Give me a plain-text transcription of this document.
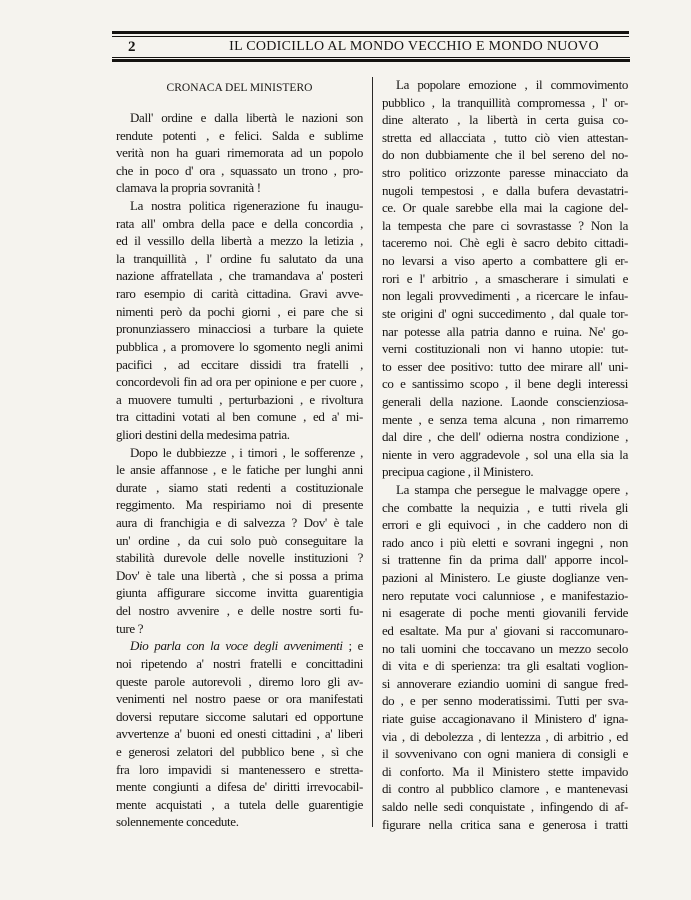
2	IL CODICILLO AL MONDO VECCHIO E MONDO NUOVO
CRONACA DEL MINISTERO
Dall' ordine e dalla libertà le nazioni son
rendute potenti , e felici. Salda e sublime
verità non ha guari rimemorata ad un popolo
che in poco d' ora , squassato un trono , pro-
clamava la propria sovranità !
La nostra politica rigenerazione fu inaugu-
rata all' ombra della pace e della concordia ,
ed il vessillo della libertà a mezzo la letizia ,
la tranquillità , l' ordine fu salutato da una
nazione affratellata , che tramandava a' posteri
raro esempio di carità cittadina. Gravi avve-
nimenti però da pochi giorni , ei pare che si
pronunziassero minacciosi a turbare la quiete
pubblica , a promovere lo sgomento negli animi
pacifici , ad eccitare dissidi tra fratelli ,
concordevoli fin ad ora per opinione e per cuore ,
a muovere tumulti , perturbazioni , e rivoltura
tra cittadini votati al ben comune , ed a' mi-
gliori destini della medesima patria.
Dopo le dubbiezze , i timori , le sofferenze ,
le ansie affannose , e le fatiche per lunghi anni
durate , siamo stati redenti a costituzionale
reggimento. Ma respiriamo noi di presente
aura di franchigia e di salvezza ? Dov' è tale
un' ordine , da cui solo può conseguitare la
stabilità durevole delle novelle instituzioni ?
Dov' è tale una libertà , che si possa a prima
giunta affigurare siccome invitta guarentigia
del nostro avvenire , e delle nostre sorti fu-
ture ?
Dio parla con la voce degli avvenimenti ; e
noi ripetendo a' nostri fratelli e concittadini
queste parole autorevoli , diremo loro gli av-
venimenti nel nostro paese or ora manifestati
doversi reputare siccome salutari ed opportune
avvertenze a' buoni ed onesti cittadini , a' liberi
e generosi zelatori del pubblico bene , sì che
fra loro impavidi si mantenessero e stretta-
mente congiunti a difesa de' diritti irrevocabil-
mente acquistati , a tutela delle guarentigie
solennemente concedute.
La popolare emozione , il commovimento
pubblico , la tranquillità compromessa , l' or-
dine alterato , la libertà in certa guisa co-
stretta ed allacciata , tutto ciò vien attestan-
do non dubbiamente che il bel sereno del no-
stro politico orizzonte paresse minacciato da
nugoli tempestosi , e dalla bufera devastatri-
ce. Or quale sarebbe ella mai la cagione del-
la tempesta che pare ci sovrastasse ? Non la
taceremo noi. Chè egli è sacro debito cittadi-
no levarsi a viso aperto a combattere gli er-
rori e l' arbitrio , a smascherare i simulati e
non legali provvedimenti , a ricercare le infau-
ste origini d' ogni succedimento , dal quale tor-
nar potesse alla patria danno e ruina. Ne' go-
verni costituzionali non vi hanno utopie: tut-
to esser dee positivo: tutto dee mirare all' uni-
co e santissimo scopo , il bene degli interessi
generali della nazione. Laonde conscienziosa-
mente , e senza tema alcuna , non rimarremo
dal dire , che dell' odierna nostra condizione ,
niente in vero aggradevole , sol una ella sia la
precipua cagione , il Ministero.
La stampa che persegue le malvagge opere ,
che combatte la nequizia , e tutti rivela gli
errori e gli equivoci , in che caddero non di
rado anco i più eletti e sovrani ingegni , non
si trattenne fin da prima dall' apporre incol-
pazioni al Ministero. Le giuste doglianze ven-
nero reputate voci calunniose , e manifestazio-
ni esagerate di poche menti giovanili fervide
ed esaltate. Ma pur a' giovani si raccomunaro-
no tali uomini che toccavano un mezzo secolo
di vita e di sperienza: tra gli esaltati voglion-
si annoverare eziandio uomini di sangue fred-
do , e per senno moderatissimi. Tutti per sva-
riate guise accagionavano il Ministero d' igna-
via , di debolezza , di lentezza , di arbitrio , ed
il sovvenivano con ogni maniera di consigli e
di conforto. Ma il Ministero stette impavido
di contro al pubblico clamore , e mantenevasi
saldo nelle sedi conquistate , infingendo di af-
figurare nella critica sana e generosa i tratti
